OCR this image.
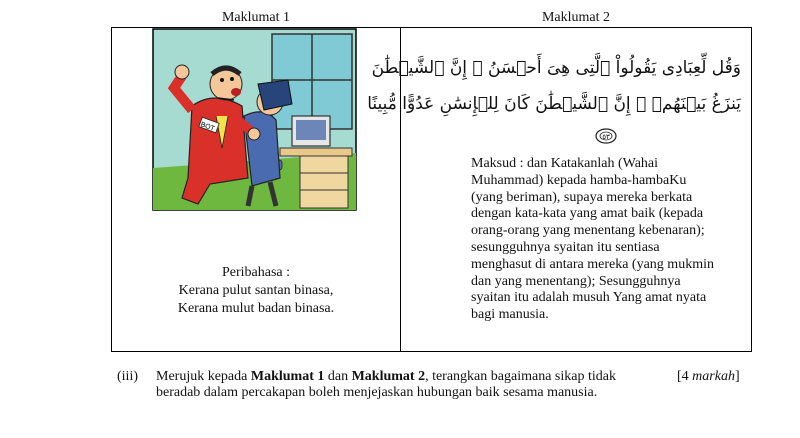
Maklumat 1	Maklumat 2
BOT
Peribahasa :
Kerana pulut santan binasa,
Kerana mulut badan binasa.
وَقُل لِّعِبَادِى يَقُولُواْ ٱلَّتِى هِىَ أَحۡسَنُ ۚ إِنَّ ٱلشَّيۡطَٰنَ
يَنزَغُ بَيۡنَهُمۡ ۚ إِنَّ ٱلشَّيۡطَٰنَ كَانَ لِلۡإِنسَٰنِ عَدُوًّا مُّبِينًا
٥٣
Maksud : dan Katakanlah (Wahai
Muhammad) kepada hamba-hambaKu
(yang beriman), supaya mereka berkata
dengan kata-kata yang amat baik (kepada
orang-orang yang menentang kebenaran);
sesungguhnya syaitan itu sentiasa
menghasut di antara mereka (yang mukmin
dan yang menentang); Sesungguhnya
syaitan itu adalah musuh Yang amat nyata
bagi manusia.
(iii) Merujuk kepada Maklumat 1 dan Maklumat 2, terangkan bagaimana sikap tidak beradab dalam percakapan boleh menjejaskan hubungan baik sesama manusia.
[4 markah]
